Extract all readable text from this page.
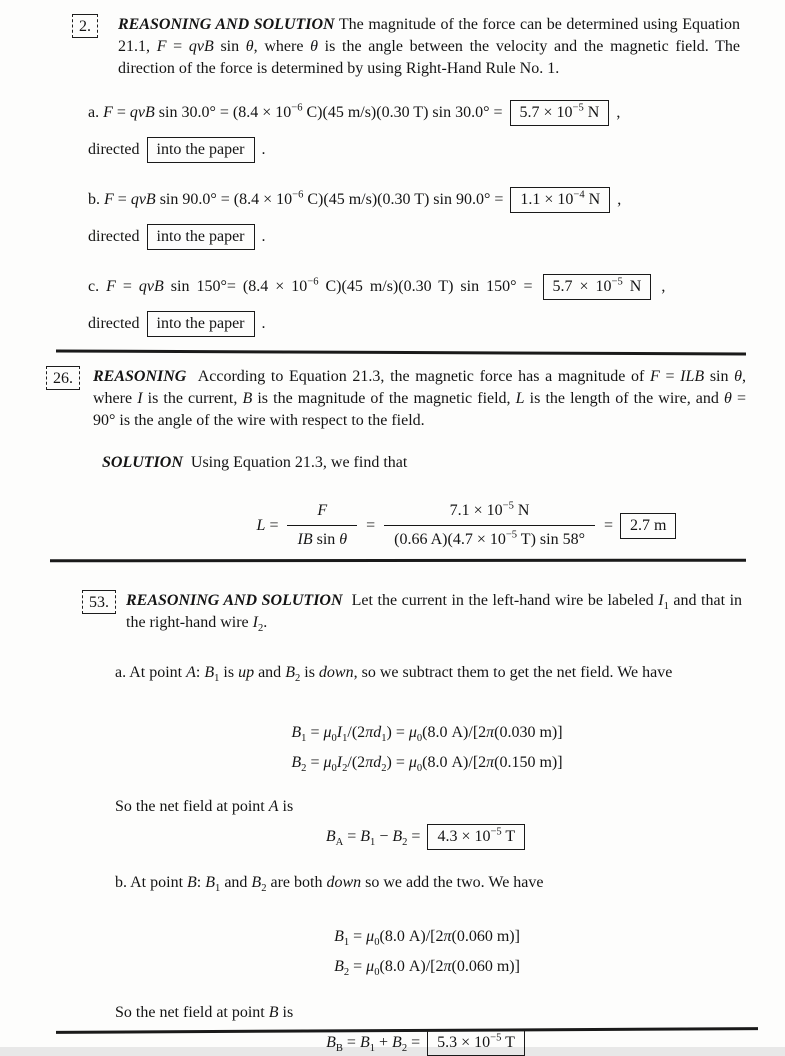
2.	REASONING AND SOLUTION The magnitude of the force can be determined using Equation 21.1, F = qvB sin θ, where θ is the angle between the velocity and the magnetic field. The direction of the force is determined by using Right-Hand Rule No. 1.

a. F = qvB $\sin 30.0^\circ = (8.4 \times 10^{-6}$ C)(45 m/s)(0.30 T) $\sin 30.0^\circ = 5.7 \times 10^{-5}$ N ,

directed into the paper .

b. F = qvB $\sin 90.0^\circ = (8.4 \times 10^{-6}$ C)(45 m/s)(0.30 T) $\sin 90.0^\circ = 1.1 \times 10^{-4}$ N ,

directed into the paper .

c. F = qvB $\sin 150^\circ= (8.4 \times 10^{-6}$ C)(45 m/s)(0.30 T) $\sin 150^\circ = 5.7 \times 10^{-5}$ N ,

directed into the paper .

26.	REASONING According to Equation 21.3, the magnetic force has a magnitude of F = ILB sin θ, where I is the current, B is the magnitude of the magnetic field, L is the length of the wire, and θ = 90° is the angle of the wire with respect to the field.

SOLUTION Using Equation 21.3, we find that

$L = \frac{F}{\text{IB sin θ}} = \frac{7.1 \times 10^{-5} N}{(0.66 A)(4.7 \times 10^{-5} T) \sin 58^\circ}$ =	2.7 m
53.	REASONING AND SOLUTION Let the current in the left-hand wire be labeled $I_1$ and that in the right-hand wire $I_2$.

a. At point A: $B_1$ is up and $B_2$ is down, so we subtract them to get the net field. We have

$B_1 = \mu_0I_1/(2\pi d_1) = \mu_0(8.0$ A)/[2π(0.030 m)]

$B_2 = \mu_0I_2/(2\pi d_2) = \mu_0(8.0$ A)/[2π(0.150 m)]

So the net field at point A is

$B_A = B_1 - B_2 = 4.3 \times 10^{-5}$ T

b. At point B: $B_1$ and $B_2$ are both down so we add the two. We have

$B_1 = \mu_0(8.0$ A)/[2π(0.060 m)]

$B_2 = \mu_0(8.0$ A)/[2π(0.060 m)]

So the net field at point B is

$B_B = B_1 + B_2 = 5.3 \times 10^{-5}$ T
